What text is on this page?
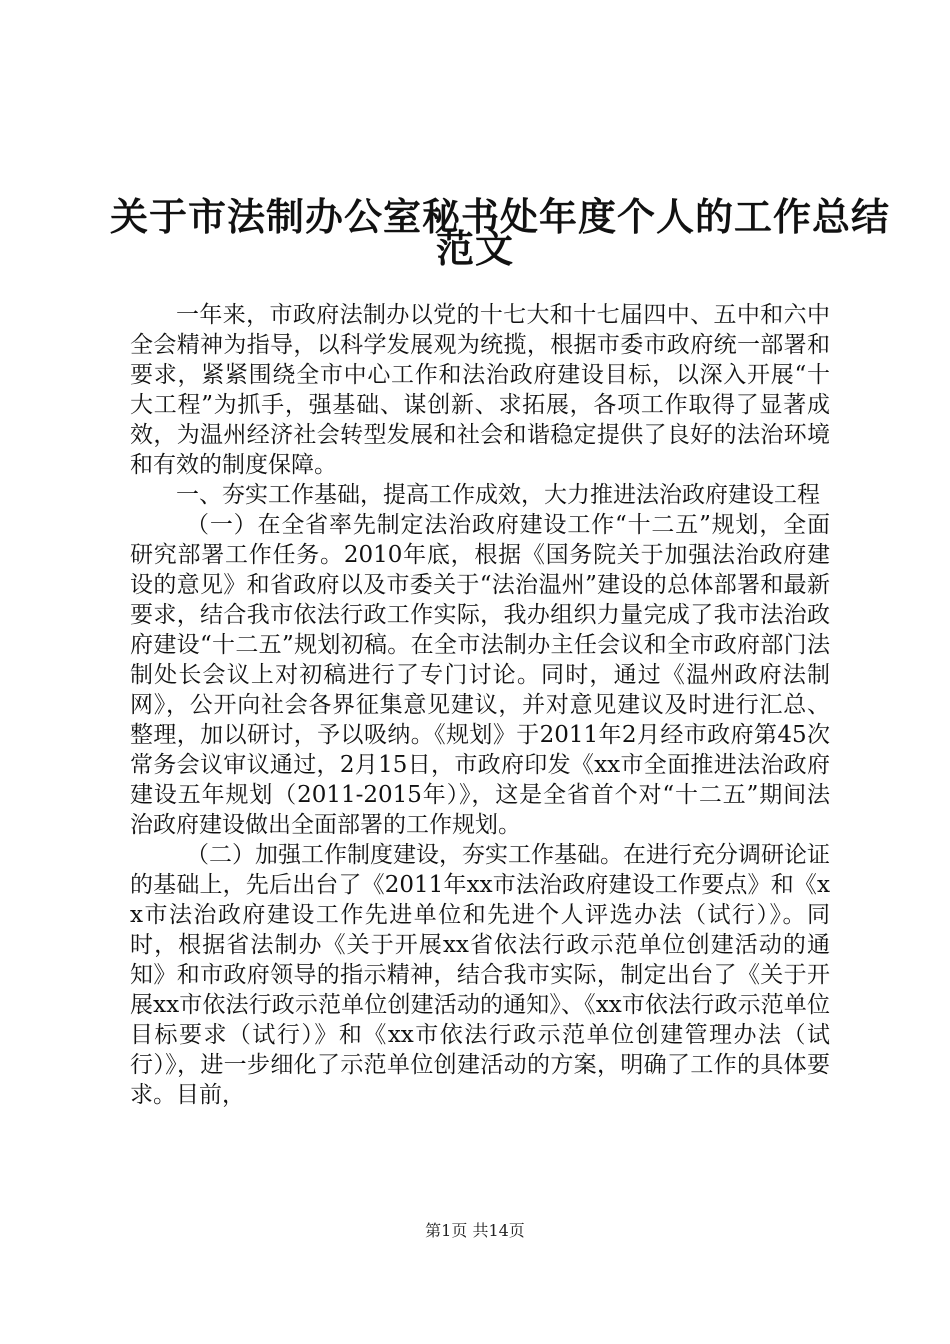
关于市法制办公室秘书处年度个人的工作总结
范文

一年来，市政府法制办以党的十七大和十七届四中、五中和六中全会精神为指导，以科学发展观为统揽，根据市委市政府统一部署和要求，紧紧围绕全市中心工作和法治政府建设目标，以深入开展“十大工程”为抓手，强基础、谋创新、求拓展，各项工作取得了显著成效，为温州经济社会转型发展和社会和谐稳定提供了良好的法治环境和有效的制度保障。

一、夯实工作基础，提高工作成效，大力推进法治政府建设工程

（一）在全省率先制定法治政府建设工作“十二五”规划，全面研究部署工作任务。2010年底，根据《国务院关于加强法治政府建设的意见》和省政府以及市委关于“法治温州”建设的总体部署和最新要求，结合我市依法行政工作实际，我办组织力量完成了我市法治政府建设“十二五”规划初稿。在全市法制办主任会议和全市政府部门法制处长会议上对初稿进行了专门讨论。同时，通过《温州政府法制网》，公开向社会各界征集意见建议，并对意见建议及时进行汇总、整理，加以研讨，予以吸纳。《规划》于2011年2月经市政府第45次常务会议审议通过，2月15日，市政府印发《xx市全面推进法治政府建设五年规划（2011-2015年）》，这是全省首个对“十二五”期间法治政府建设做出全面部署的工作规划。

（二）加强工作制度建设，夯实工作基础。在进行充分调研论证的基础上，先后出台了《2011年xx市法治政府建设工作要点》和《xx市法治政府建设工作先进单位和先进个人评选办法（试行）》。同时，根据省法制办《关于开展xx省依法行政示范单位创建活动的通知》和市政府领导的指示精神，结合我市实际，制定出台了《关于开展xx市依法行政示范单位创建活动的通知》、《xx市依法行政示范单位目标要求（试行）》和《xx市依法行政示范单位创建管理办法（试行）》，进一步细化了示范单位创建活动的方案，明确了工作的具体要求。目前，

第1页 共14页
